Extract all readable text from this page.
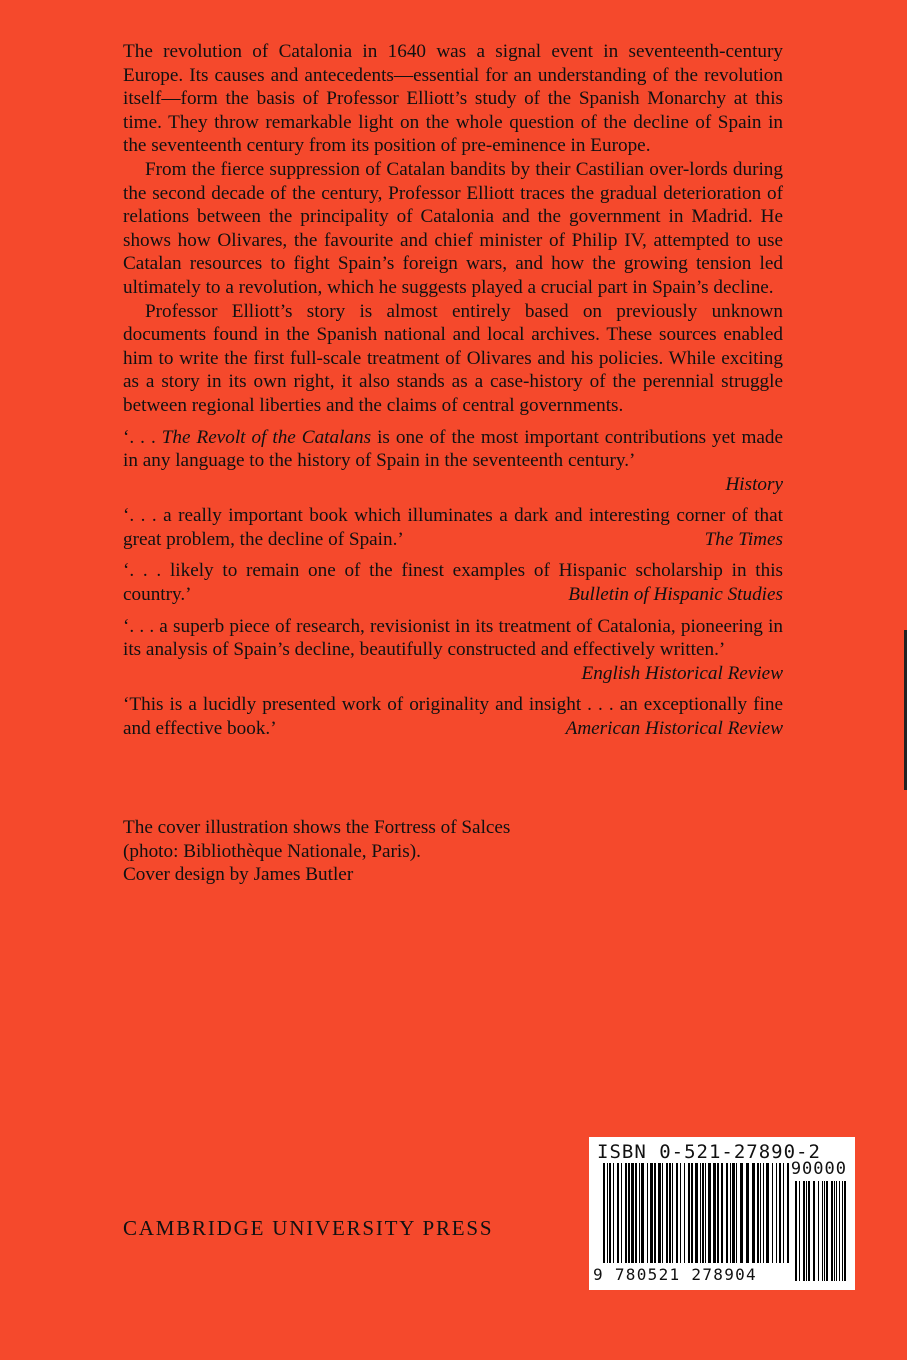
The revolution of Catalonia in 1640 was a signal event in seventeenth-century Europe. Its causes and antecedents—essential for an understanding of the revolution itself—form the basis of Professor Elliott’s study of the Spanish Monarchy at this time. They throw remarkable light on the whole question of the decline of Spain in the seventeenth century from its position of pre-eminence in Europe.

From the fierce suppression of Catalan bandits by their Castilian over-lords during the second decade of the century, Professor Elliott traces the gradual deterioration of relations between the principality of Catalonia and the government in Madrid. He shows how Olivares, the favourite and chief minister of Philip IV, attempted to use Catalan resources to fight Spain’s foreign wars, and how the growing tension led ultimately to a revolution, which he suggests played a crucial part in Spain’s decline.

Professor Elliott’s story is almost entirely based on previously unknown documents found in the Spanish national and local archives. These sources enabled him to write the first full-scale treatment of Olivares and his policies. While exciting as a story in its own right, it also stands as a case-history of the perennial struggle between regional liberties and the claims of central governments.

‘. . . The Revolt of the Catalans is one of the most important contributions yet made in any language to the history of Spain in the seventeenth century.’
History
‘. . . a really important book which illuminates a dark and interesting corner of that great problem, the decline of Spain.’	The Times
‘. . . likely to remain one of the finest examples of Hispanic scholarship in this country.’	Bulletin of Hispanic Studies
‘. . . a superb piece of research, revisionist in its treatment of Catalonia, pioneering in its analysis of Spain’s decline, beautifully constructed and effectively written.’
English Historical Review
‘This is a lucidly presented work of originality and insight . . . an exceptionally fine and effective book.’	American Historical Review
The cover illustration shows the Fortress of Salces
(photo: Bibliothèque Nationale, Paris).
Cover design by James Butler
CAMBRIDGE UNIVERSITY PRESS
ISBN 0-521-27890-2
90000
9 780521 278904
